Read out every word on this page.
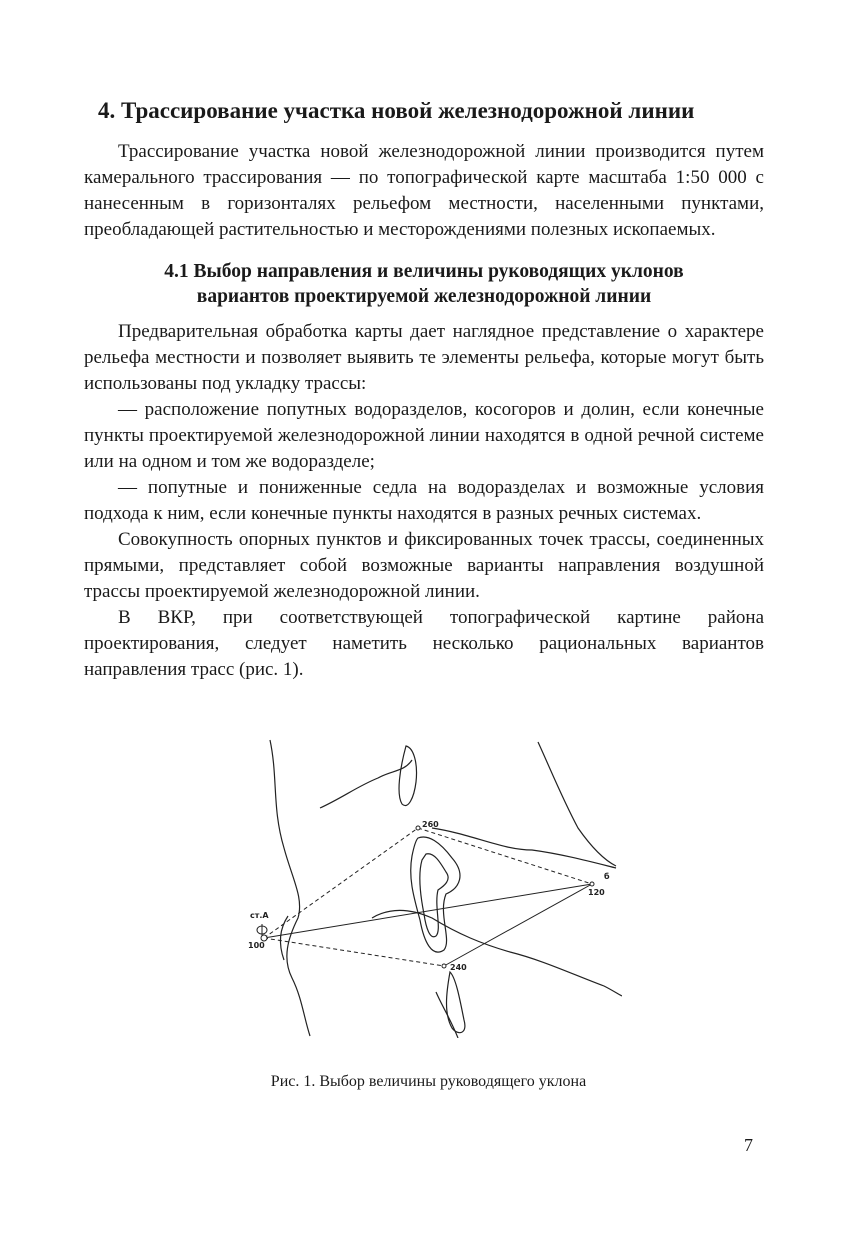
4. Трассирование участка новой железнодорожной линии

Трассирование участка новой железнодорожной линии производится путем камерального трассирования — по топографической карте масштаба 1:50 000 с нанесенным в горизонталях рельефом местности, населенными пунктами, преобладающей растительностью и месторождениями полезных ископаемых.

4.1 Выбор направления и величины руководящих уклонов
вариантов проектируемой железнодорожной линии

Предварительная обработка карты дает наглядное представление о характере рельефа местности и позволяет выявить те элементы рельефа, которые могут быть использованы под укладку трассы:

— расположение попутных водоразделов, косогоров и долин, если конечные пункты проектируемой железнодорожной линии находятся в одной речной системе или на одном и том же водоразделе;

— попутные и пониженные седла на водоразделах и возможные условия подхода к ним, если конечные пункты находятся в разных речных системах.

Совокупность опорных пунктов и фиксированных точек трассы, соединенных прямыми, представляет собой возможные варианты направления воздушной трассы проектируемой железнодорожной линии.

В ВКР, при соответствующей топографической картине района проектирования, следует наметить несколько рациональных вариантов направления трасс (рис. 1).

ст.А
100
260
б
120
240
Рис. 1. Выбор величины руководящего уклона
7
